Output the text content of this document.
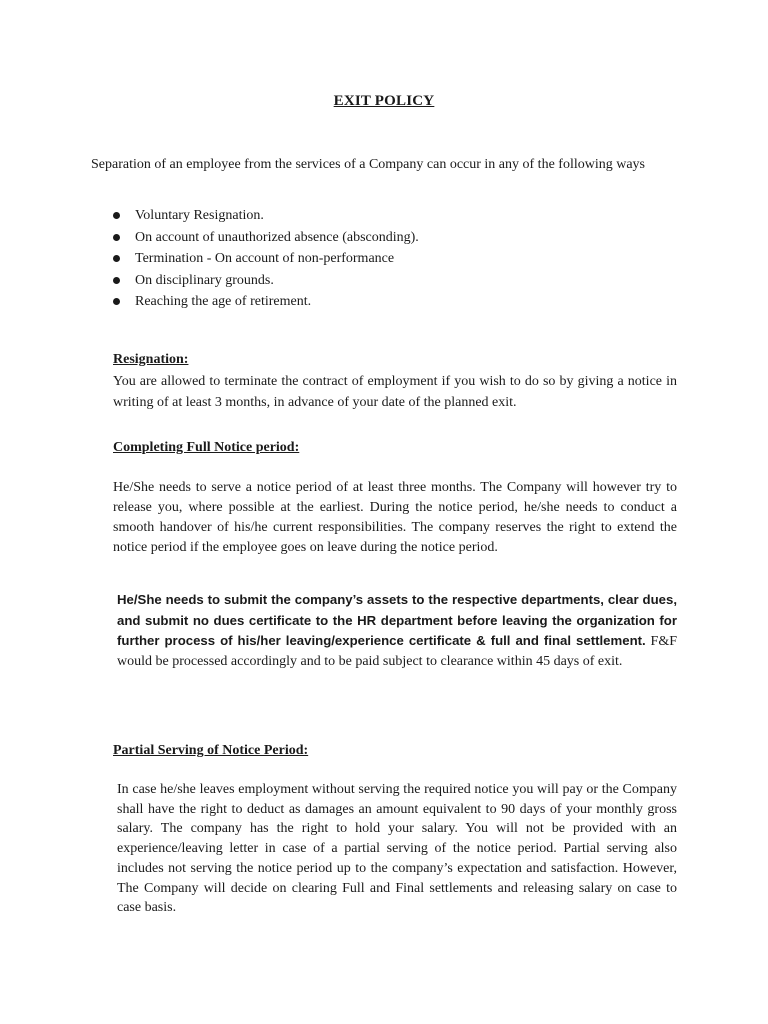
EXIT POLICY

Separation of an employee from the services of a Company can occur in any of the following ways

Voluntary Resignation.
On account of unauthorized absence (absconding).
Termination - On account of non-performance
On disciplinary grounds.
Reaching the age of retirement.
Resignation:

You are allowed to terminate the contract of employment if you wish to do so by giving a notice in writing of at least 3 months, in advance of your date of the planned exit.

Completing Full Notice period:

He/She needs to serve a notice period of at least three months. The Company will however try to release you, where possible at the earliest. During the notice period, he/she needs to conduct a smooth handover of his/he current responsibilities. The company reserves the right to extend the notice period if the employee goes on leave during the notice period.

He/She needs to submit the company’s assets to the respective departments, clear dues, and submit no dues certificate to the HR department before leaving the organization for further process of his/her leaving/experience certificate & full and final settlement. F&F would be processed accordingly and to be paid subject to clearance within 45 days of exit.

Partial Serving of Notice Period:

In case he/she leaves employment without serving the required notice you will pay or the Company shall have the right to deduct as damages an amount equivalent to 90 days of your monthly gross salary. The company has the right to hold your salary. You will not be provided with an experience/leaving letter in case of a partial serving of the notice period. Partial serving also includes not serving the notice period up to the company’s expectation and satisfaction. However, The Company will decide on clearing Full and Final settlements and releasing salary on case to case basis.
